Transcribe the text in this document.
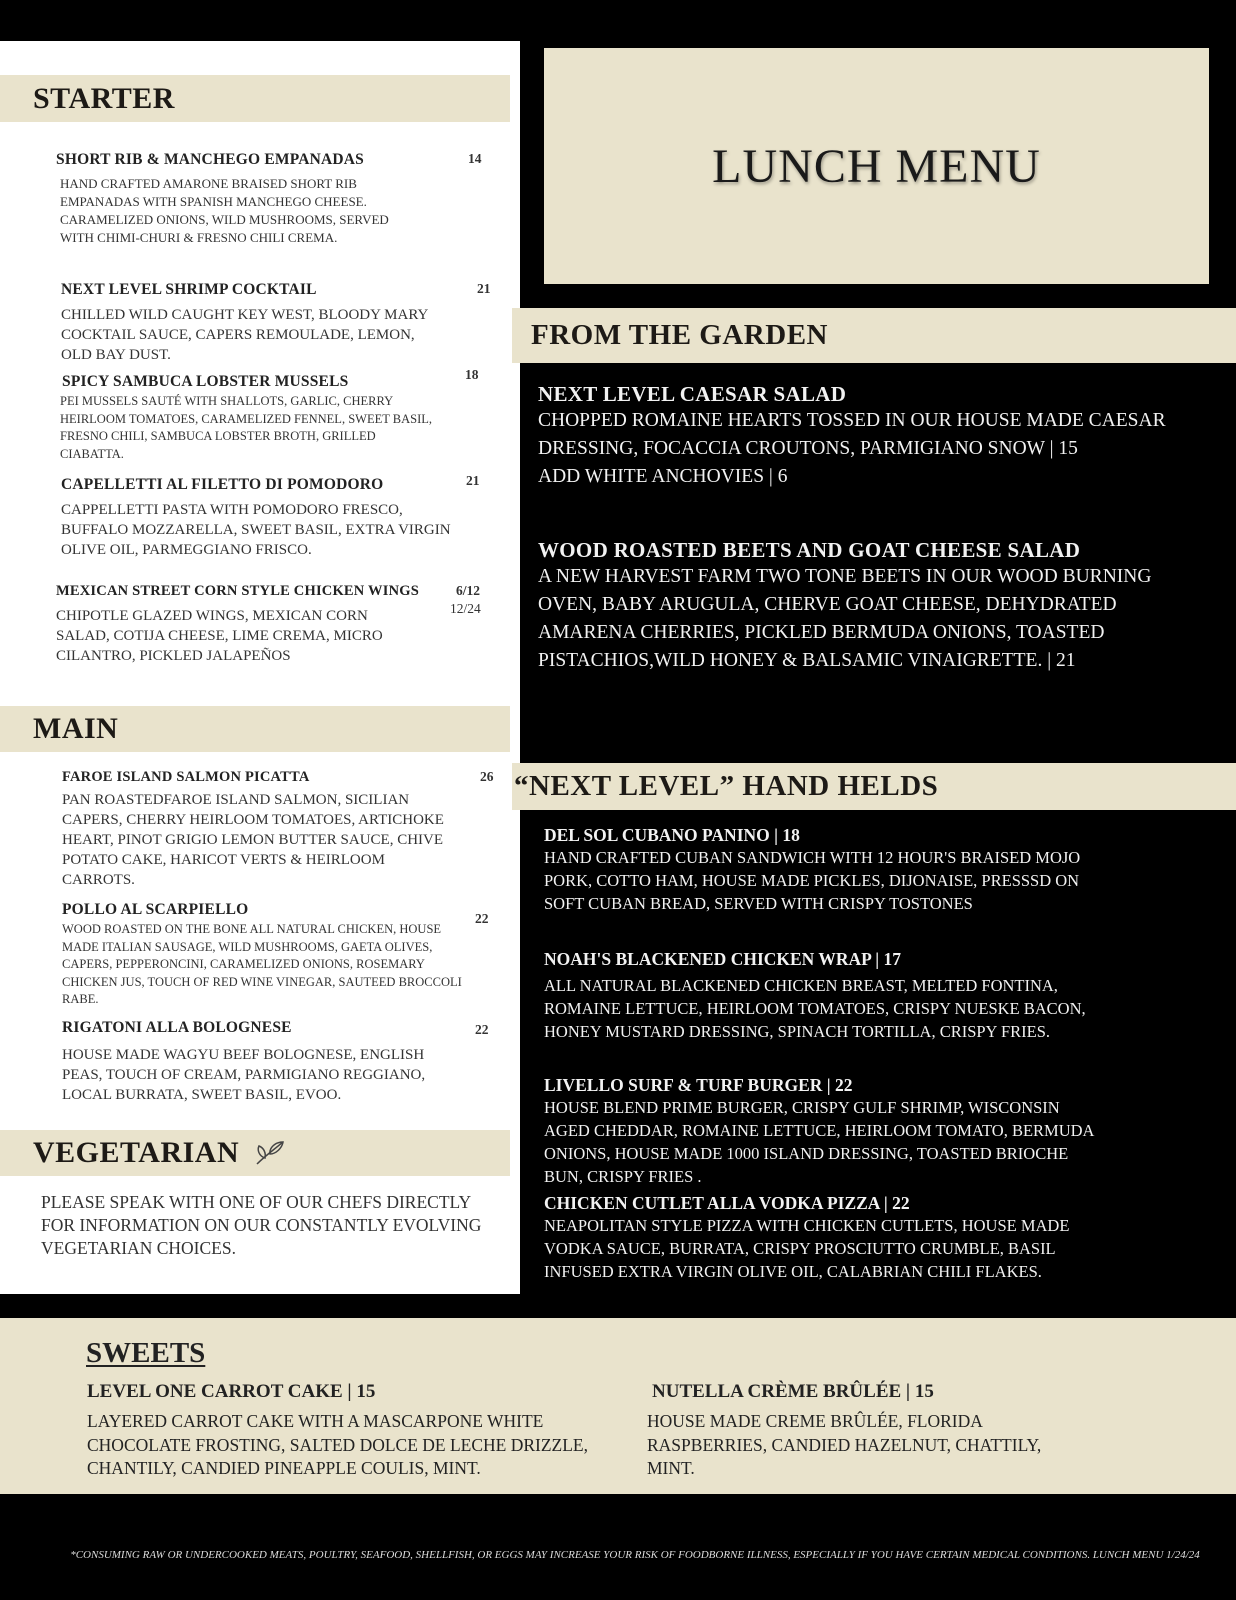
STARTER
SHORT RIB & MANCHEGO EMPANADAS	14
HAND CRAFTED AMARONE BRAISED SHORT RIB EMPANADAS WITH SPANISH MANCHEGO CHEESE. CARAMELIZED ONIONS, WILD MUSHROOMS, SERVED WITH CHIMI-CHURI & FRESNO CHILI CREMA.
NEXT LEVEL SHRIMP COCKTAIL	21
CHILLED WILD CAUGHT KEY WEST, BLOODY MARY COCKTAIL SAUCE, CAPERS REMOULADE, LEMON, OLD BAY DUST.
SPICY SAMBUCA LOBSTER MUSSELS	18
PEI MUSSELS SAUTÉ WITH SHALLOTS, GARLIC, CHERRY HEIRLOOM TOMATOES, CARAMELIZED FENNEL, SWEET BASIL, FRESNO CHILI, SAMBUCA LOBSTER BROTH, GRILLED CIABATTA.
CAPELLETTI AL FILETTO DI POMODORO	21
CAPPELLETTI PASTA WITH POMODORO FRESCO, BUFFALO MOZZARELLA, SWEET BASIL, EXTRA VIRGIN OLIVE OIL, PARMEGGIANO FRISCO.
MEXICAN STREET CORN STYLE CHICKEN WINGS	6/12
12/24
CHIPOTLE GLAZED WINGS, MEXICAN CORN SALAD, COTIJA CHEESE, LIME CREMA, MICRO CILANTRO, PICKLED JALAPEÑOS
MAIN
FAROE ISLAND SALMON PICATTA	26
PAN ROASTEDFAROE ISLAND SALMON, SICILIAN CAPERS, CHERRY HEIRLOOM TOMATOES, ARTICHOKE HEART, PINOT GRIGIO LEMON BUTTER SAUCE, CHIVE POTATO CAKE, HARICOT VERTS & HEIRLOOM CARROTS.
POLLO AL SCARPIELLO
22
WOOD ROASTED ON THE BONE ALL NATURAL CHICKEN, HOUSE MADE ITALIAN SAUSAGE, WILD MUSHROOMS, GAETA OLIVES, CAPERS, PEPPERONCINI, CARAMELIZED ONIONS, ROSEMARY CHICKEN JUS, TOUCH OF RED WINE VINEGAR, SAUTEED BROCCOLI RABE.
RIGATONI ALLA BOLOGNESE	22
HOUSE MADE WAGYU BEEF BOLOGNESE, ENGLISH PEAS, TOUCH OF CREAM, PARMIGIANO REGGIANO, LOCAL BURRATA, SWEET BASIL, EVOO.
VEGETARIAN
PLEASE SPEAK WITH ONE OF OUR CHEFS DIRECTLY FOR INFORMATION ON OUR CONSTANTLY EVOLVING VEGETARIAN CHOICES.
LUNCH MENU
FROM THE GARDEN
NEXT LEVEL CAESAR SALAD
CHOPPED ROMAINE HEARTS TOSSED IN OUR HOUSE MADE CAESAR DRESSING, FOCACCIA CROUTONS, PARMIGIANO SNOW | 15
ADD WHITE ANCHOVIES | 6
WOOD ROASTED BEETS AND GOAT CHEESE SALAD
A NEW HARVEST FARM TWO TONE BEETS IN OUR WOOD BURNING OVEN, BABY ARUGULA, CHERVE GOAT CHEESE, DEHYDRATED AMARENA CHERRIES, PICKLED BERMUDA ONIONS, TOASTED PISTACHIOS,WILD HONEY & BALSAMIC VINAIGRETTE. | 21
“NEXT LEVEL” HAND HELDS
DEL SOL CUBANO PANINO | 18
HAND CRAFTED CUBAN SANDWICH WITH 12 HOUR'S BRAISED MOJO PORK, COTTO HAM, HOUSE MADE PICKLES, DIJONAISE, PRESSSD ON SOFT CUBAN BREAD, SERVED WITH CRISPY TOSTONES
NOAH'S BLACKENED CHICKEN WRAP | 17
ALL NATURAL BLACKENED CHICKEN BREAST, MELTED FONTINA, ROMAINE LETTUCE, HEIRLOOM TOMATOES, CRISPY NUESKE BACON, HONEY MUSTARD DRESSING, SPINACH TORTILLA, CRISPY FRIES.
LIVELLO SURF & TURF BURGER | 22
HOUSE BLEND PRIME BURGER, CRISPY GULF SHRIMP, WISCONSIN AGED CHEDDAR, ROMAINE LETTUCE, HEIRLOOM TOMATO, BERMUDA ONIONS, HOUSE MADE 1000 ISLAND DRESSING, TOASTED BRIOCHE BUN, CRISPY FRIES .
CHICKEN CUTLET ALLA VODKA PIZZA | 22
NEAPOLITAN STYLE PIZZA WITH CHICKEN CUTLETS, HOUSE MADE VODKA SAUCE, BURRATA, CRISPY PROSCIUTTO CRUMBLE, BASIL INFUSED EXTRA VIRGIN OLIVE OIL, CALABRIAN CHILI FLAKES.
SWEETS
LEVEL ONE CARROT CAKE | 15
LAYERED CARROT CAKE WITH A MASCARPONE WHITE CHOCOLATE FROSTING, SALTED DOLCE DE LECHE DRIZZLE, CHANTILY, CANDIED PINEAPPLE COULIS, MINT.
NUTELLA CRÈME BRÛLÉE | 15
HOUSE MADE CREME BRÛLÉE, FLORIDA RASPBERRIES, CANDIED HAZELNUT, CHATTILY, MINT.
*CONSUMING RAW OR UNDERCOOKED MEATS, POULTRY, SEAFOOD, SHELLFISH, OR EGGS MAY INCREASE YOUR RISK OF FOODBORNE ILLNESS, ESPECIALLY IF YOU HAVE CERTAIN MEDICAL CONDITIONS. LUNCH MENU 1/24/24
